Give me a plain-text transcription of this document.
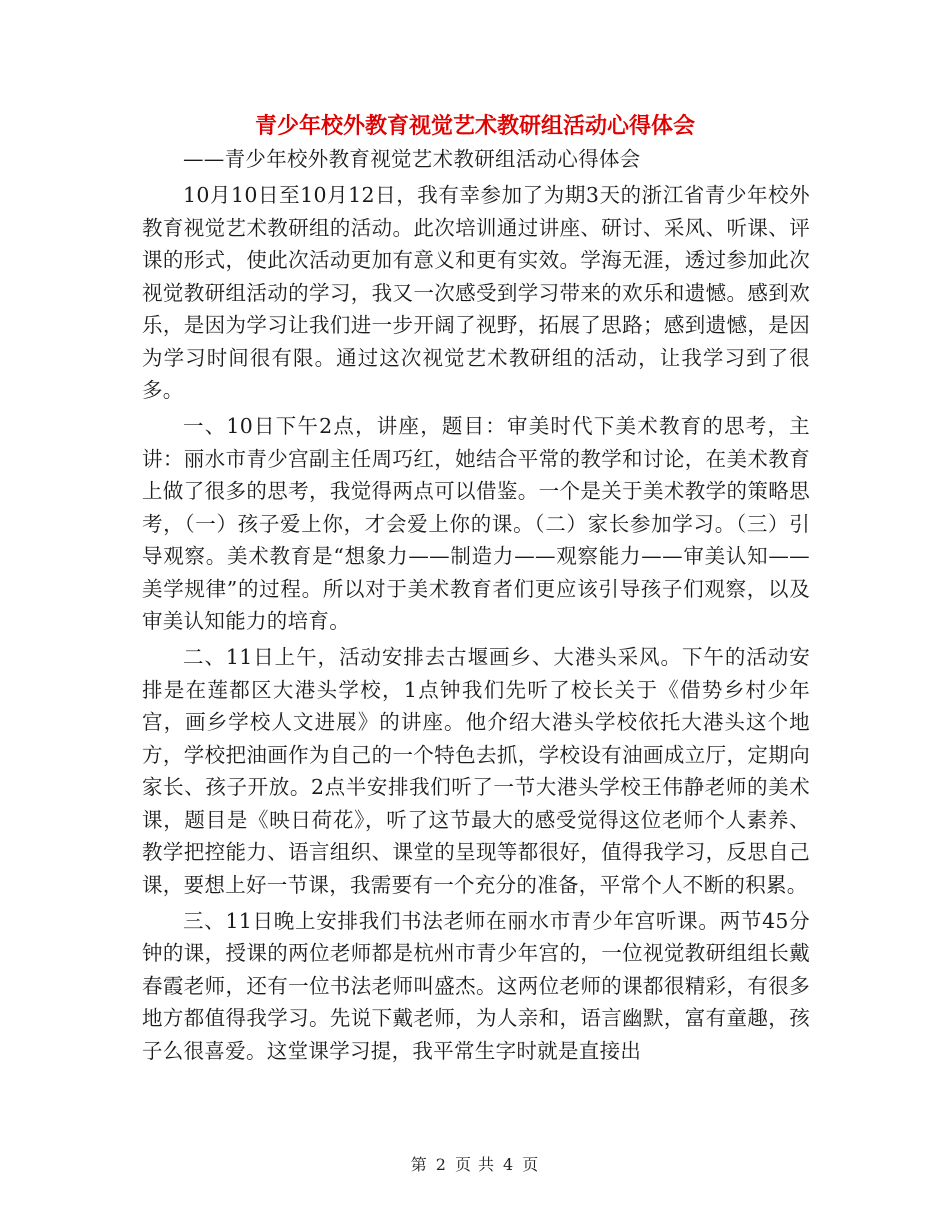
青少年校外教育视觉艺术教研组活动心得体会

——青少年校外教育视觉艺术教研组活动心得体会

10月10日至10月12日，我有幸参加了为期3天的浙江省青少年校外教育视觉艺术教研组的活动。此次培训通过讲座、研讨、采风、听课、评课的形式，使此次活动更加有意义和更有实效。学海无涯，透过参加此次视觉教研组活动的学习，我又一次感受到学习带来的欢乐和遗憾。感到欢乐，是因为学习让我们进一步开阔了视野，拓展了思路；感到遗憾，是因为学习时间很有限。通过这次视觉艺术教研组的活动，让我学习到了很多。

一、10日下午2点，讲座，题目：审美时代下美术教育的思考，主讲：丽水市青少宫副主任周巧红，她结合平常的教学和讨论，在美术教育上做了很多的思考，我觉得两点可以借鉴。一个是关于美术教学的策略思考，（一）孩子爱上你，才会爱上你的课。（二）家长参加学习。（三）引导观察。美术教育是“想象力——制造力——观察能力——审美认知——美学规律”的过程。所以对于美术教育者们更应该引导孩子们观察，以及审美认知能力的培育。

二、11日上午，活动安排去古堰画乡、大港头采风。下午的活动安排是在莲都区大港头学校，1点钟我们先听了校长关于《借势乡村少年宫，画乡学校人文进展》的讲座。他介绍大港头学校依托大港头这个地方，学校把油画作为自己的一个特色去抓，学校设有油画成立厅，定期向家长、孩子开放。2点半安排我们听了一节大港头学校王伟静老师的美术课，题目是《映日荷花》，听了这节最大的感受觉得这位老师个人素养、教学把控能力、语言组织、课堂的呈现等都很好，值得我学习，反思自己课，要想上好一节课，我需要有一个充分的准备，平常个人不断的积累。

三、11日晚上安排我们书法老师在丽水市青少年宫听课。两节45分钟的课，授课的两位老师都是杭州市青少年宫的，一位视觉教研组组长戴春霞老师，还有一位书法老师叫盛杰。这两位老师的课都很精彩，有很多地方都值得我学习。先说下戴老师，为人亲和，语言幽默，富有童趣，孩子么很喜爱。这堂课学习提，我平常生字时就是直接出

第 2 页 共 4 页
